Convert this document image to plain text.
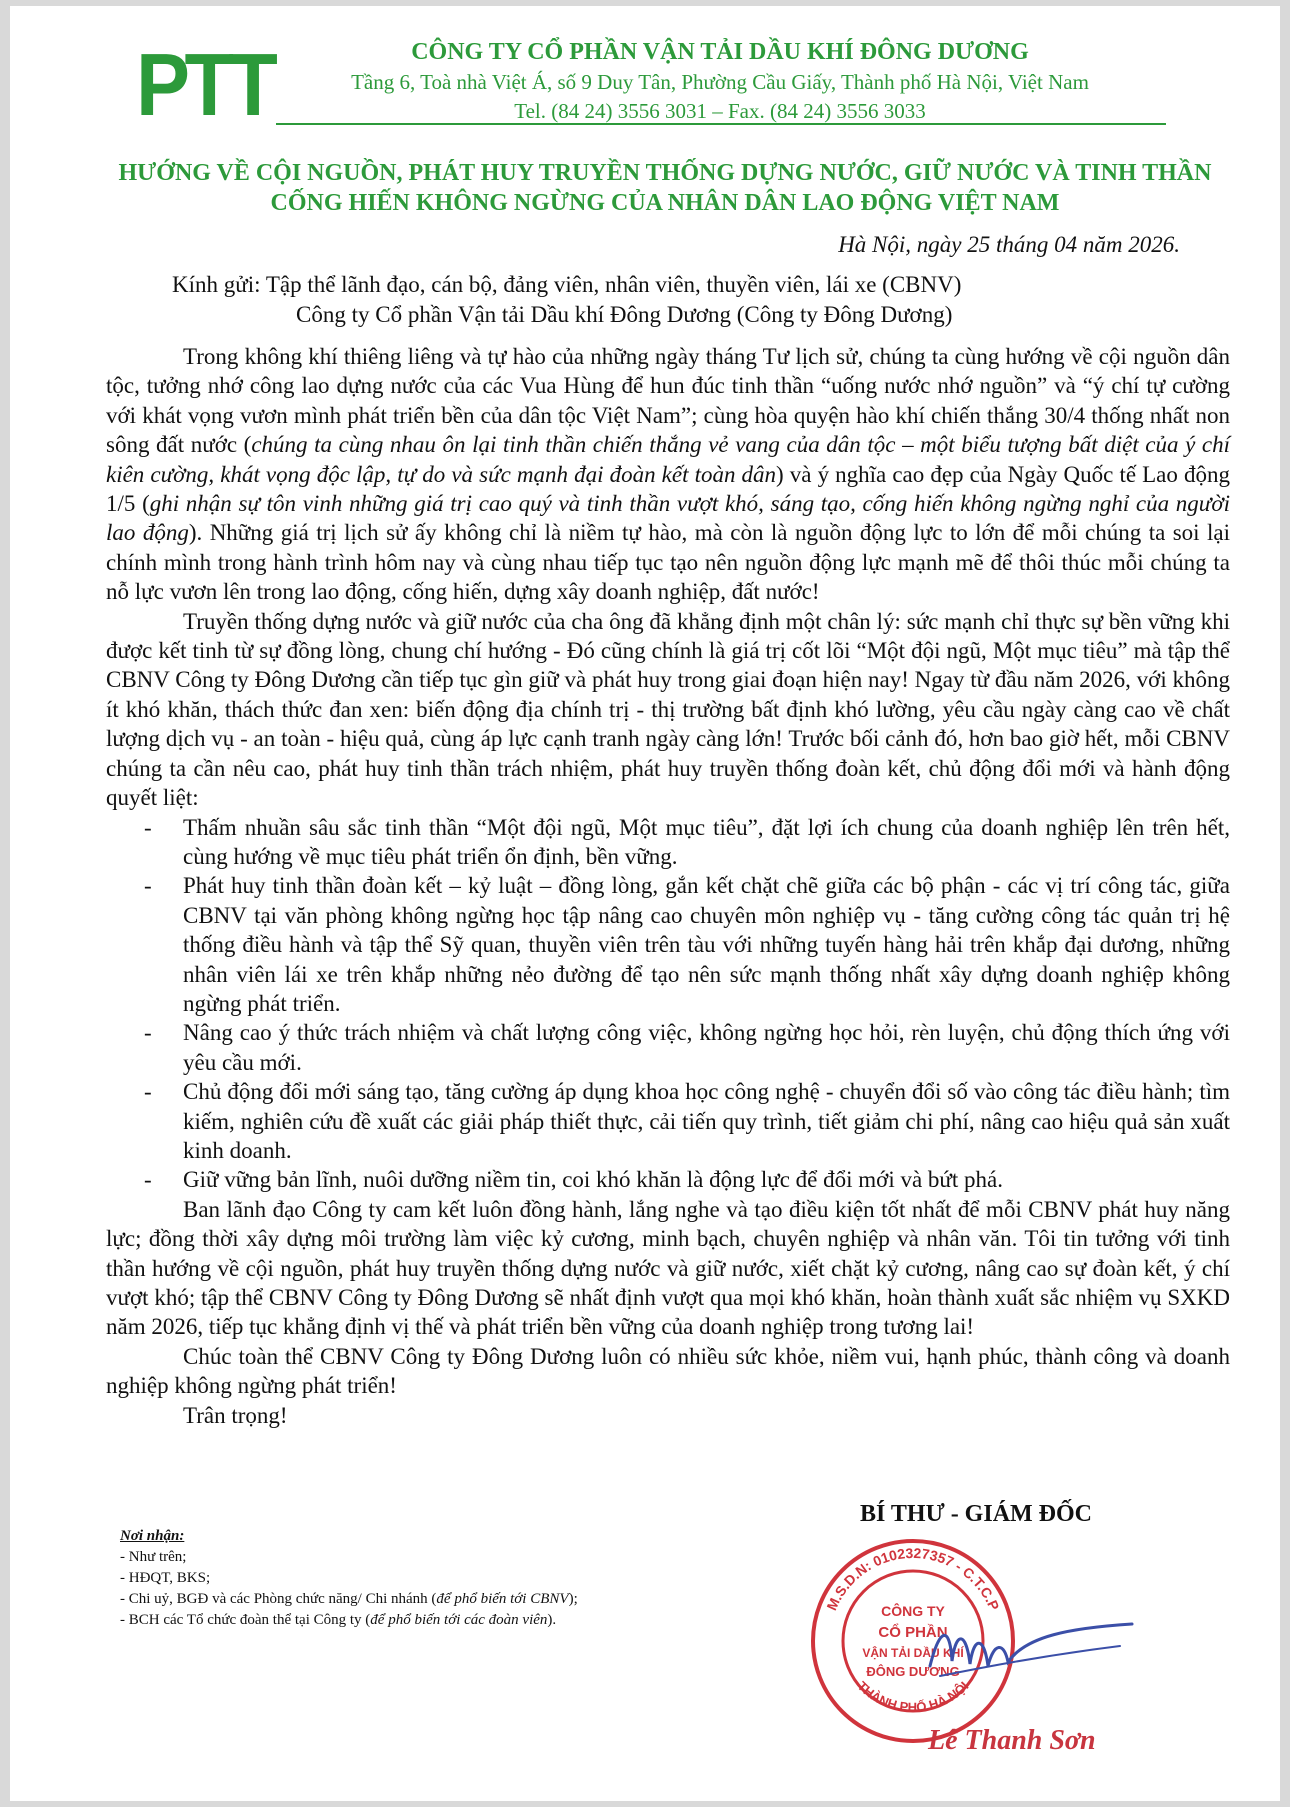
PTT	CÔNG TY CỔ PHẦN VẬN TẢI DẦU KHÍ ĐÔNG DƯƠNG
Tầng 6, Toà nhà Việt Á, số 9 Duy Tân, Phường Cầu Giấy, Thành phố Hà Nội, Việt Nam
Tel. (84 24) 3556 3031 – Fax. (84 24) 3556 3033
HƯỚNG VỀ CỘI NGUỒN, PHÁT HUY TRUYỀN THỐNG DỰNG NƯỚC, GIỮ NƯỚC VÀ TINH THẦN CỐNG HIẾN KHÔNG NGỪNG CỦA NHÂN DÂN LAO ĐỘNG VIỆT NAM
Hà Nội, ngày 25 tháng 04 năm 2026.
Kính gửi: Tập thể lãnh đạo, cán bộ, đảng viên, nhân viên, thuyền viên, lái xe (CBNV)
Công ty Cổ phần Vận tải Dầu khí Đông Dương (Công ty Đông Dương)

Trong không khí thiêng liêng và tự hào của những ngày tháng Tư lịch sử, chúng ta cùng hướng về cội nguồn dân tộc, tưởng nhớ công lao dựng nước của các Vua Hùng để hun đúc tinh thần “uống nước nhớ nguồn” và “ý chí tự cường với khát vọng vươn mình phát triển bền của dân tộc Việt Nam”; cùng hòa quyện hào khí chiến thắng 30/4 thống nhất non sông đất nước (chúng ta cùng nhau ôn lại tinh thần chiến thắng vẻ vang của dân tộc – một biểu tượng bất diệt của ý chí kiên cường, khát vọng độc lập, tự do và sức mạnh đại đoàn kết toàn dân) và ý nghĩa cao đẹp của Ngày Quốc tế Lao động 1/5 (ghi nhận sự tôn vinh những giá trị cao quý và tinh thần vượt khó, sáng tạo, cống hiến không ngừng nghỉ của người lao động). Những giá trị lịch sử ấy không chỉ là niềm tự hào, mà còn là nguồn động lực to lớn để mỗi chúng ta soi lại chính mình trong hành trình hôm nay và cùng nhau tiếp tục tạo nên nguồn động lực mạnh mẽ để thôi thúc mỗi chúng ta nỗ lực vươn lên trong lao động, cống hiến, dựng xây doanh nghiệp, đất nước!

Truyền thống dựng nước và giữ nước của cha ông đã khẳng định một chân lý: sức mạnh chỉ thực sự bền vững khi được kết tinh từ sự đồng lòng, chung chí hướng - Đó cũng chính là giá trị cốt lõi “Một đội ngũ, Một mục tiêu” mà tập thể CBNV Công ty Đông Dương cần tiếp tục gìn giữ và phát huy trong giai đoạn hiện nay! Ngay từ đầu năm 2026, với không ít khó khăn, thách thức đan xen: biến động địa chính trị - thị trường bất định khó lường, yêu cầu ngày càng cao về chất lượng dịch vụ - an toàn - hiệu quả, cùng áp lực cạnh tranh ngày càng lớn! Trước bối cảnh đó, hơn bao giờ hết, mỗi CBNV chúng ta cần nêu cao, phát huy tinh thần trách nhiệm, phát huy truyền thống đoàn kết, chủ động đổi mới và hành động quyết liệt:

- Thấm nhuần sâu sắc tinh thần “Một đội ngũ, Một mục tiêu”, đặt lợi ích chung của doanh nghiệp lên trên hết, cùng hướng về mục tiêu phát triển ổn định, bền vững.
- Phát huy tinh thần đoàn kết – kỷ luật – đồng lòng, gắn kết chặt chẽ giữa các bộ phận - các vị trí công tác, giữa CBNV tại văn phòng không ngừng học tập nâng cao chuyên môn nghiệp vụ - tăng cường công tác quản trị hệ thống điều hành và tập thể Sỹ quan, thuyền viên trên tàu với những tuyến hàng hải trên khắp đại dương, những nhân viên lái xe trên khắp những nẻo đường để tạo nên sức mạnh thống nhất xây dựng doanh nghiệp không ngừng phát triển.
- Nâng cao ý thức trách nhiệm và chất lượng công việc, không ngừng học hỏi, rèn luyện, chủ động thích ứng với yêu cầu mới.
- Chủ động đổi mới sáng tạo, tăng cường áp dụng khoa học công nghệ - chuyển đổi số vào công tác điều hành; tìm kiếm, nghiên cứu đề xuất các giải pháp thiết thực, cải tiến quy trình, tiết giảm chi phí, nâng cao hiệu quả sản xuất kinh doanh.
- Giữ vững bản lĩnh, nuôi dưỡng niềm tin, coi khó khăn là động lực để đổi mới và bứt phá.

Ban lãnh đạo Công ty cam kết luôn đồng hành, lắng nghe và tạo điều kiện tốt nhất để mỗi CBNV phát huy năng lực; đồng thời xây dựng môi trường làm việc kỷ cương, minh bạch, chuyên nghiệp và nhân văn. Tôi tin tưởng với tinh thần hướng về cội nguồn, phát huy truyền thống dựng nước và giữ nước, xiết chặt kỷ cương, nâng cao sự đoàn kết, ý chí vượt khó; tập thể CBNV Công ty Đông Dương sẽ nhất định vượt qua mọi khó khăn, hoàn thành xuất sắc nhiệm vụ SXKD năm 2026, tiếp tục khẳng định vị thế và phát triển bền vững của doanh nghiệp trong tương lai!

Chúc toàn thể CBNV Công ty Đông Dương luôn có nhiều sức khỏe, niềm vui, hạnh phúc, thành công và doanh nghiệp không ngừng phát triển!

Trân trọng!

BÍ THƯ - GIÁM ĐỐC
Nơi nhận:
- Như trên;
- HĐQT, BKS;
- Chi uỷ, BGĐ và các Phòng chức năng/ Chi nhánh (để phổ biến tới CBNV);
- BCH các Tổ chức đoàn thể tại Công ty (để phổ biến tới các đoàn viên).
M.S.D.N: 0102327357 - C.T.C.P
THÀNH PHỐ HÀ NỘI
CÔNG TY
CỔ PHẦN
VẬN TẢI DẦU KHÍ
ĐÔNG DƯƠNG
Lê Thanh Sơn
